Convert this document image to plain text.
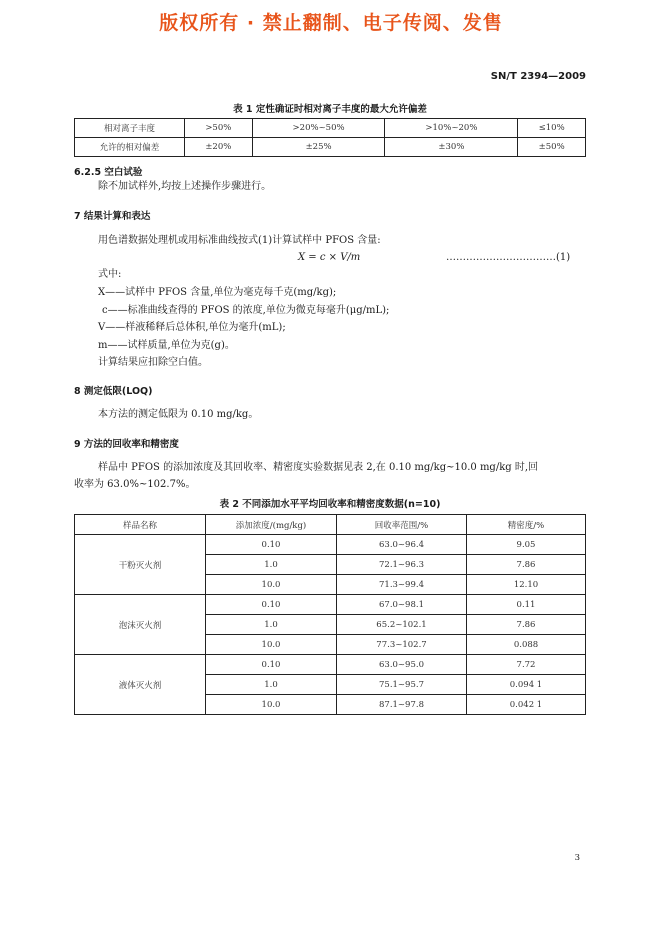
版权所有 · 禁止翻制、电子传阅、发售
SN/T 2394—2009
表 1 定性确证时相对离子丰度的最大允许偏差
相对离子丰度	>50%	>20%~50%	>10%~20%	≤10%
允许的相对偏差	±20%	±25%	±30%	±50%
6.2.5 空白试验
除不加试样外,均按上述操作步骤进行。
7 结果计算和表达
用色谱数据处理机或用标准曲线按式(1)计算试样中 PFOS 含量:
X = c × V/m	……………………………(1)
式中:
X——试样中 PFOS 含量,单位为毫克每千克(mg/kg);
c——标准曲线查得的 PFOS 的浓度,单位为微克每毫升(μg/mL);
V——样液稀释后总体积,单位为毫升(mL);
m——试样质量,单位为克(g)。
计算结果应扣除空白值。
8 测定低限(LOQ)
本方法的测定低限为 0.10 mg/kg。
9 方法的回收率和精密度
样品中 PFOS 的添加浓度及其回收率、精密度实验数据见表 2,在 0.10 mg/kg~10.0 mg/kg 时,回
收率为 63.0%~102.7%。
表 2 不同添加水平平均回收率和精密度数据(n=10)
样品名称	添加浓度/(mg/kg)	回收率范围/%	精密度/%
干粉灭火剂	0.10	63.0~96.4	9.05
	1.0	72.1~96.3	7.86
	10.0	71.3~99.4	12.10
泡沫灭火剂	0.10	67.0~98.1	0.11
	1.0	65.2~102.1	7.86
	10.0	77.3~102.7	0.088
液体灭火剂	0.10	63.0~95.0	7.72
	1.0	75.1~95.7	0.094 1
	10.0	87.1~97.8	0.042 1
3
